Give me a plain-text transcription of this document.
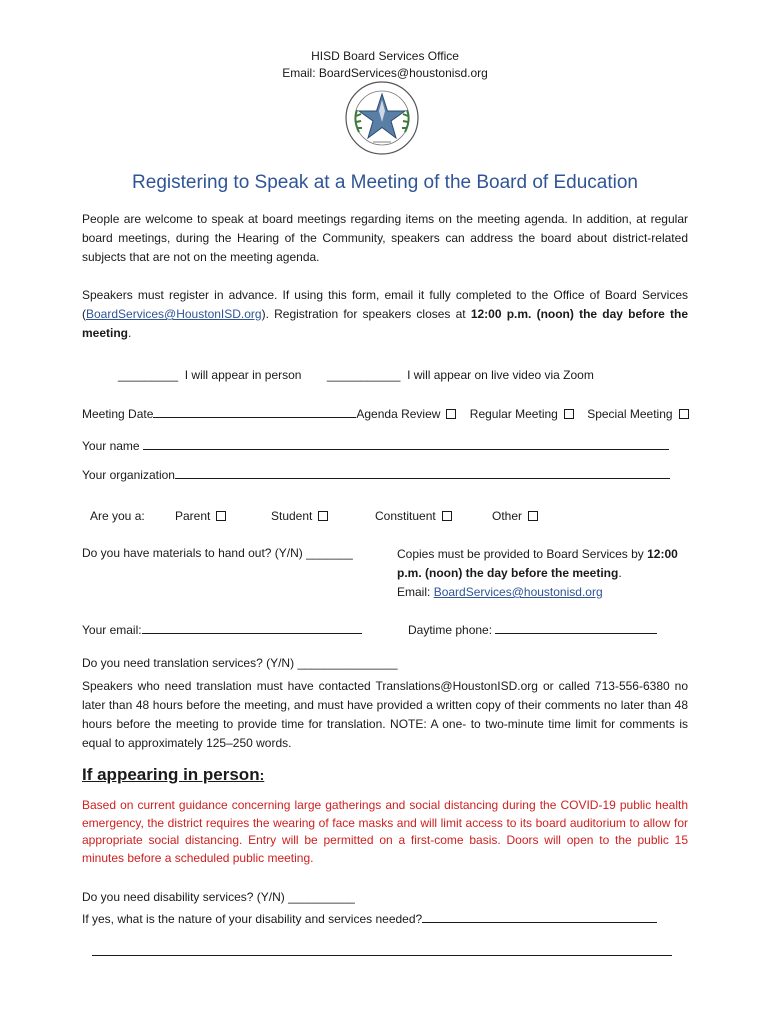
HISD Board Services Office
Email: BoardServices@houstonisd.org
Registering to Speak at a Meeting of the Board of Education
People are welcome to speak at board meetings regarding items on the meeting agenda. In addition, at regular board meetings, during the Hearing of the Community, speakers can address the board about district-related subjects that are not on the meeting agenda.
Speakers must register in advance. If using this form, email it fully completed to the Office of Board Services (BoardServices@HoustonISD.org). Registration for speakers closes at 12:00 p.m. (noon) the day before the meeting.
_________ I will appear in person ___________ I will appear on live video via Zoom
Meeting Date	Agenda Review Regular Meeting Special Meeting
Your name
Your organization
Are you a:	Parent	Student	Constituent	Other
Do you have materials to hand out? (Y/N) _______	Copies must be provided to Board Services by 12:00 p.m. (noon) the day before the meeting.
Email: BoardServices@houstonisd.org
Your email:	Daytime phone:
Do you need translation services? (Y/N) _______________
Speakers who need translation must have contacted Translations@HoustonISD.org or called 713-556-6380 no later than 48 hours before the meeting, and must have provided a written copy of their comments no later than 48 hours before the meeting to provide time for translation. NOTE: A one- to two-minute time limit for comments is equal to approximately 125–250 words.
If appearing in person:
Based on current guidance concerning large gatherings and social distancing during the COVID-19 public health emergency, the district requires the wearing of face masks and will limit access to its board auditorium to allow for appropriate social distancing. Entry will be permitted on a first-come basis. Doors will open to the public 15 minutes before a scheduled public meeting.
Do you need disability services? (Y/N) __________
If yes, what is the nature of your disability and services needed?
